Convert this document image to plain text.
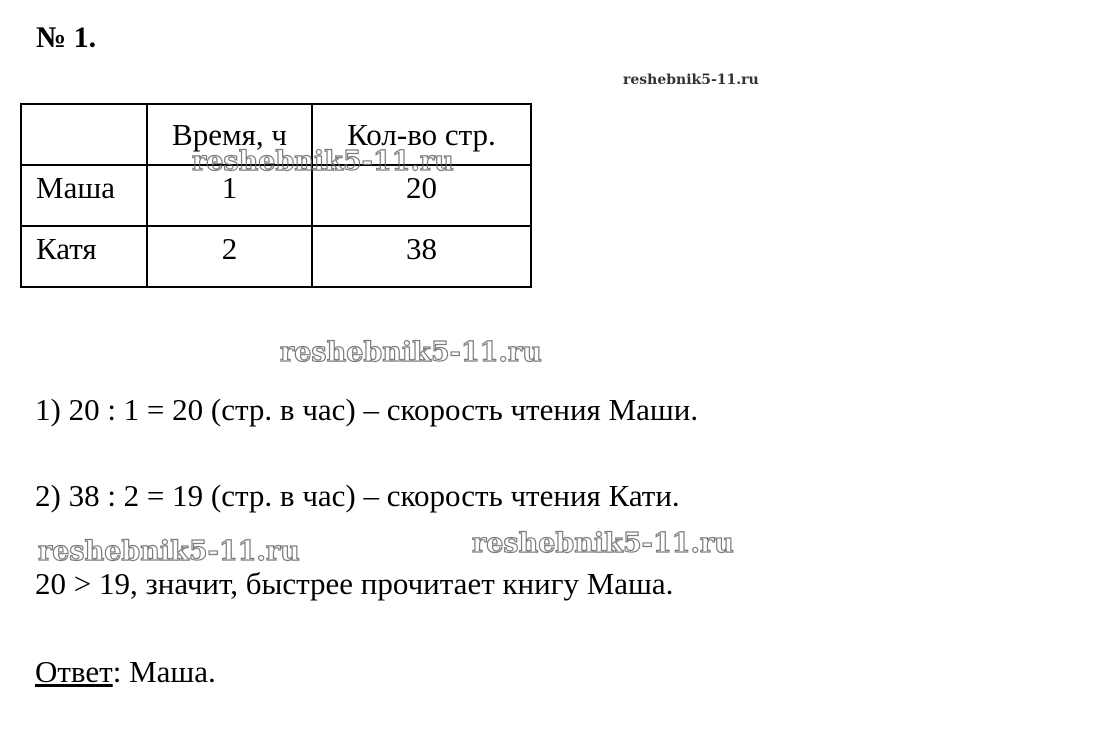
№ 1.
reshebnik5-11.ru
	Время, ч	Кол-во стр.
Маша	1	20
Катя	2	38
reshebnik5-11.ru
reshebnik5-11.ru
1) 20 : 1 = 20 (стр. в час) – скорость чтения Маши.
2) 38 : 2 = 19 (стр. в час) – скорость чтения Кати.
reshebnik5-11.ru	reshebnik5-11.ru
20 > 19, значит, быстрее прочитает книгу Маша.
Ответ: Маша.
